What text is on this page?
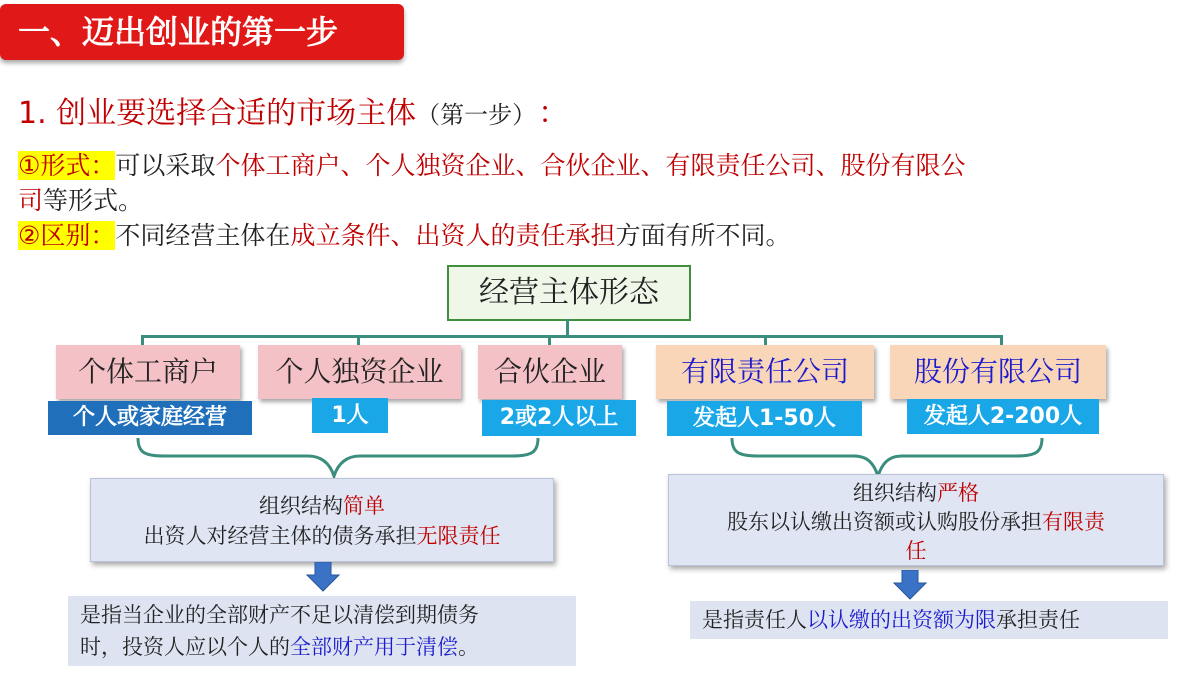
一、迈出创业的第一步
1. 创业要选择合适的市场主体（第一步） ：
①形式：可以采取个体工商户、个人独资企业、合伙企业、有限责任公司、股份有限公
司等形式。
②区别：不同经营主体在成立条件、出资人的责任承担方面有所不同。
经营主体形态
个体工商户	个人独资企业	合伙企业	有限责任公司	股份有限公司
个人或家庭经营	1人	2或2人以上	发起人1-50人	发起人2-200人
组织结构简单
出资人对经营主体的债务承担无限责任
组织结构严格
股东以认缴出资额或认购股份承担有限责
任
是指当企业的全部财产不足以清偿到期债务
时，投资人应以个人的全部财产用于清偿。
是指责任人以认缴的出资额为限承担责任
